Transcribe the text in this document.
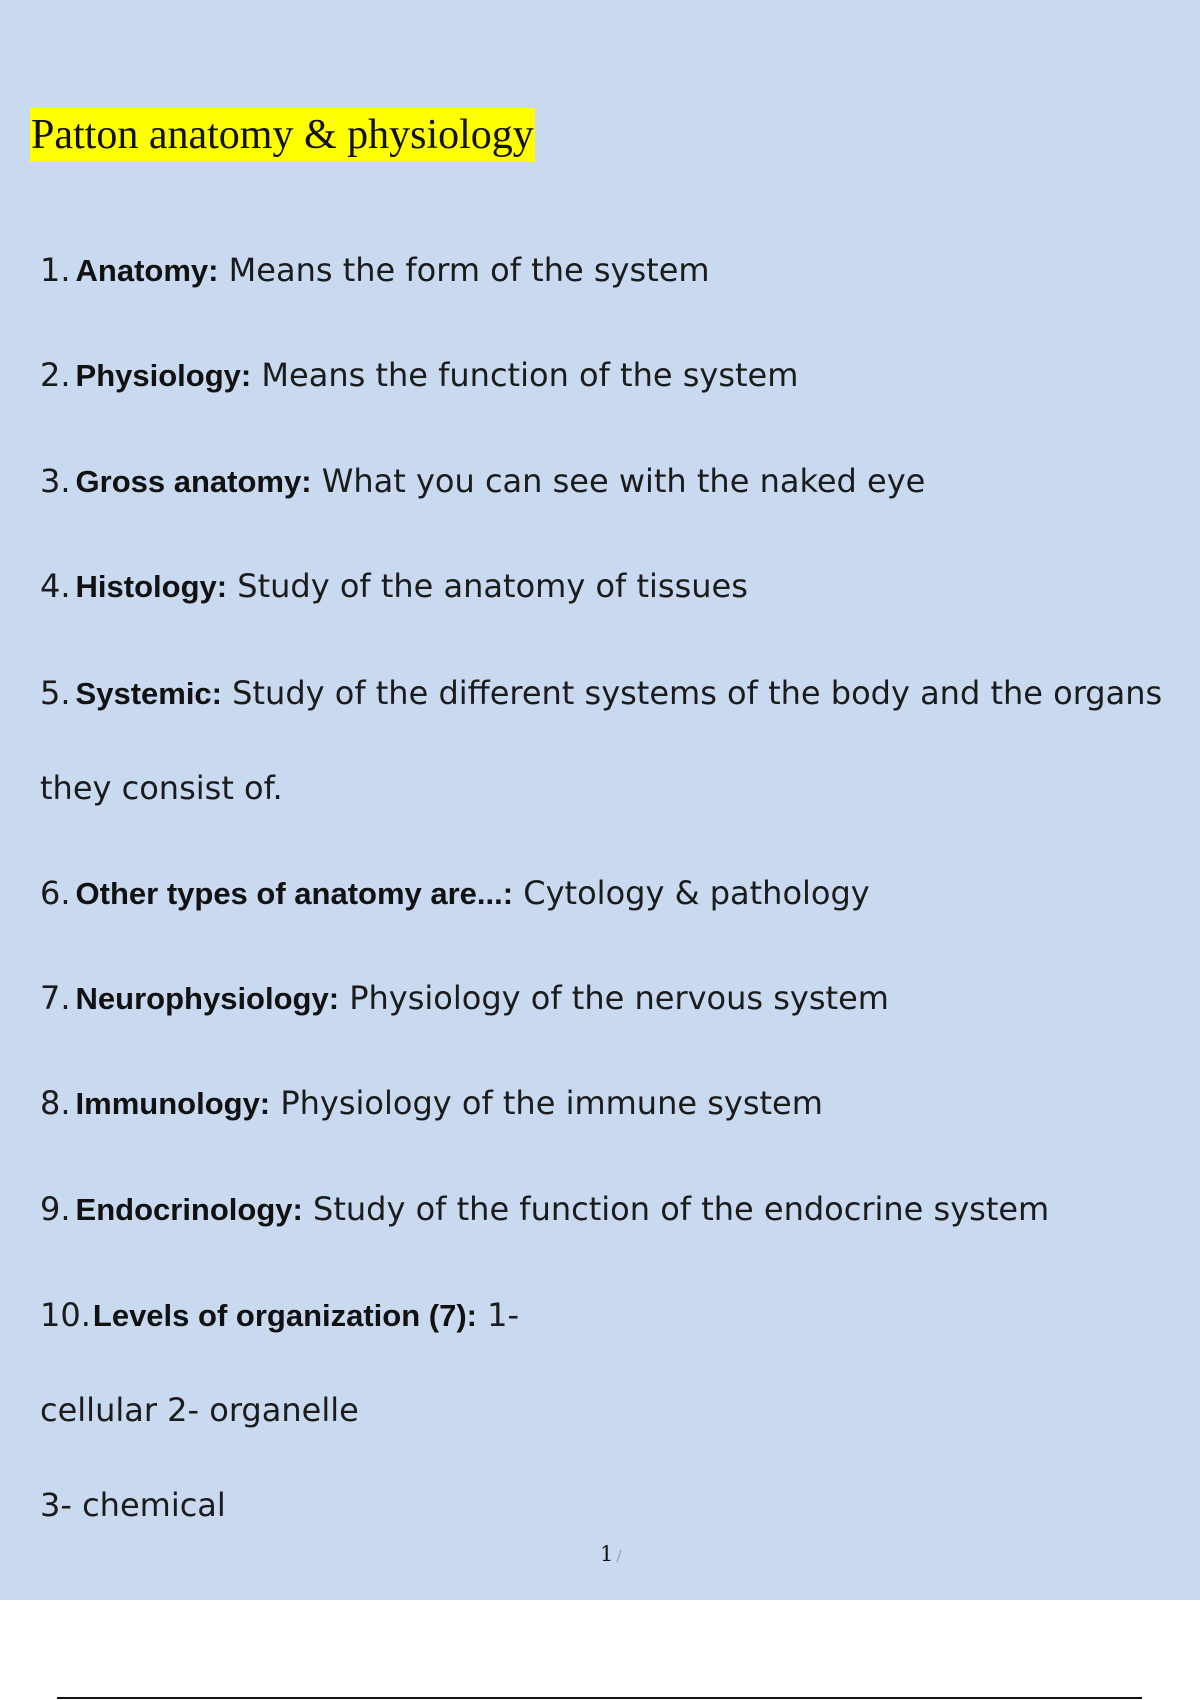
Patton anatomy & physiology
1. Anatomy: Means the form of the system
2. Physiology: Means the function of the system
3. Gross anatomy: What you can see with the naked eye
4. Histology: Study of the anatomy of tissues
5. Systemic: Study of the different systems of the body and the organs
they consist of.
6. Other types of anatomy are...: Cytology & pathology
7. Neurophysiology: Physiology of the nervous system
8. Immunology: Physiology of the immune system
9. Endocrinology: Study of the function of the endocrine system
10.Levels of organization (7): 1-
cellular 2- organelle
3- chemical
1 /
